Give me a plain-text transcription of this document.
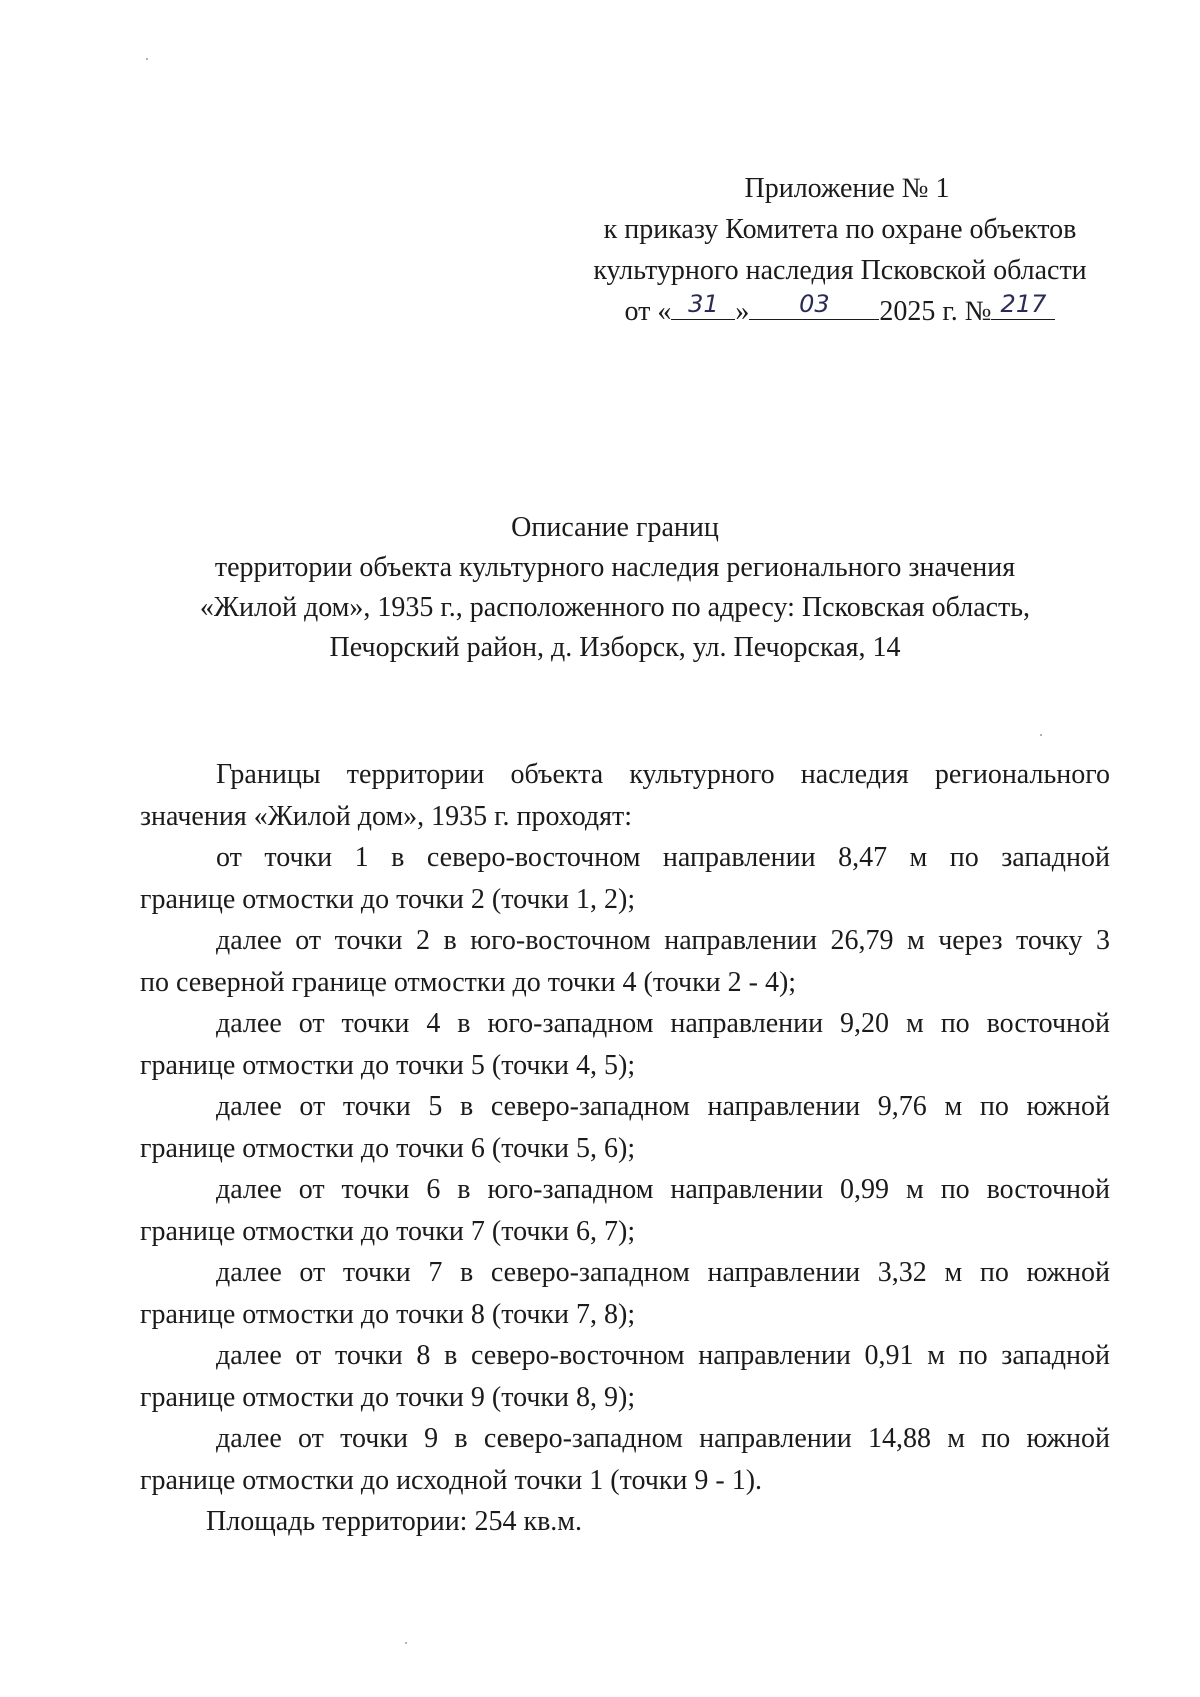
Приложение № 1
к приказу Комитета по охране объектов
культурного наследия Псковской области
от « 31 »	03	2025 г. № 217
Описание границ
территории объекта культурного наследия регионального значения
«Жилой дом», 1935 г., расположенного по адресу: Псковская область,
Печорский район, д. Изборск, ул. Печорская, 14
Границы территории объекта культурного наследия регионального
значения «Жилой дом», 1935 г. проходят:
от точки 1 в северо-восточном направлении 8,47 м по западной
границе отмостки до точки 2 (точки 1, 2);
далее от точки 2 в юго-восточном направлении 26,79 м через точку 3
по северной границе отмостки до точки 4 (точки 2 - 4);
далее от точки 4 в юго-западном направлении 9,20 м по восточной
границе отмостки до точки 5 (точки 4, 5);
далее от точки 5 в северо-западном направлении 9,76 м по южной
границе отмостки до точки 6 (точки 5, 6);
далее от точки 6 в юго-западном направлении 0,99 м по восточной
границе отмостки до точки 7 (точки 6, 7);
далее от точки 7 в северо-западном направлении 3,32 м по южной
границе отмостки до точки 8 (точки 7, 8);
далее от точки 8 в северо-восточном направлении 0,91 м по западной
границе отмостки до точки 9 (точки 8, 9);
далее от точки 9 в северо-западном направлении 14,88 м по южной
границе отмостки до исходной точки 1 (точки 9 - 1).
Площадь территории: 254 кв.м.
